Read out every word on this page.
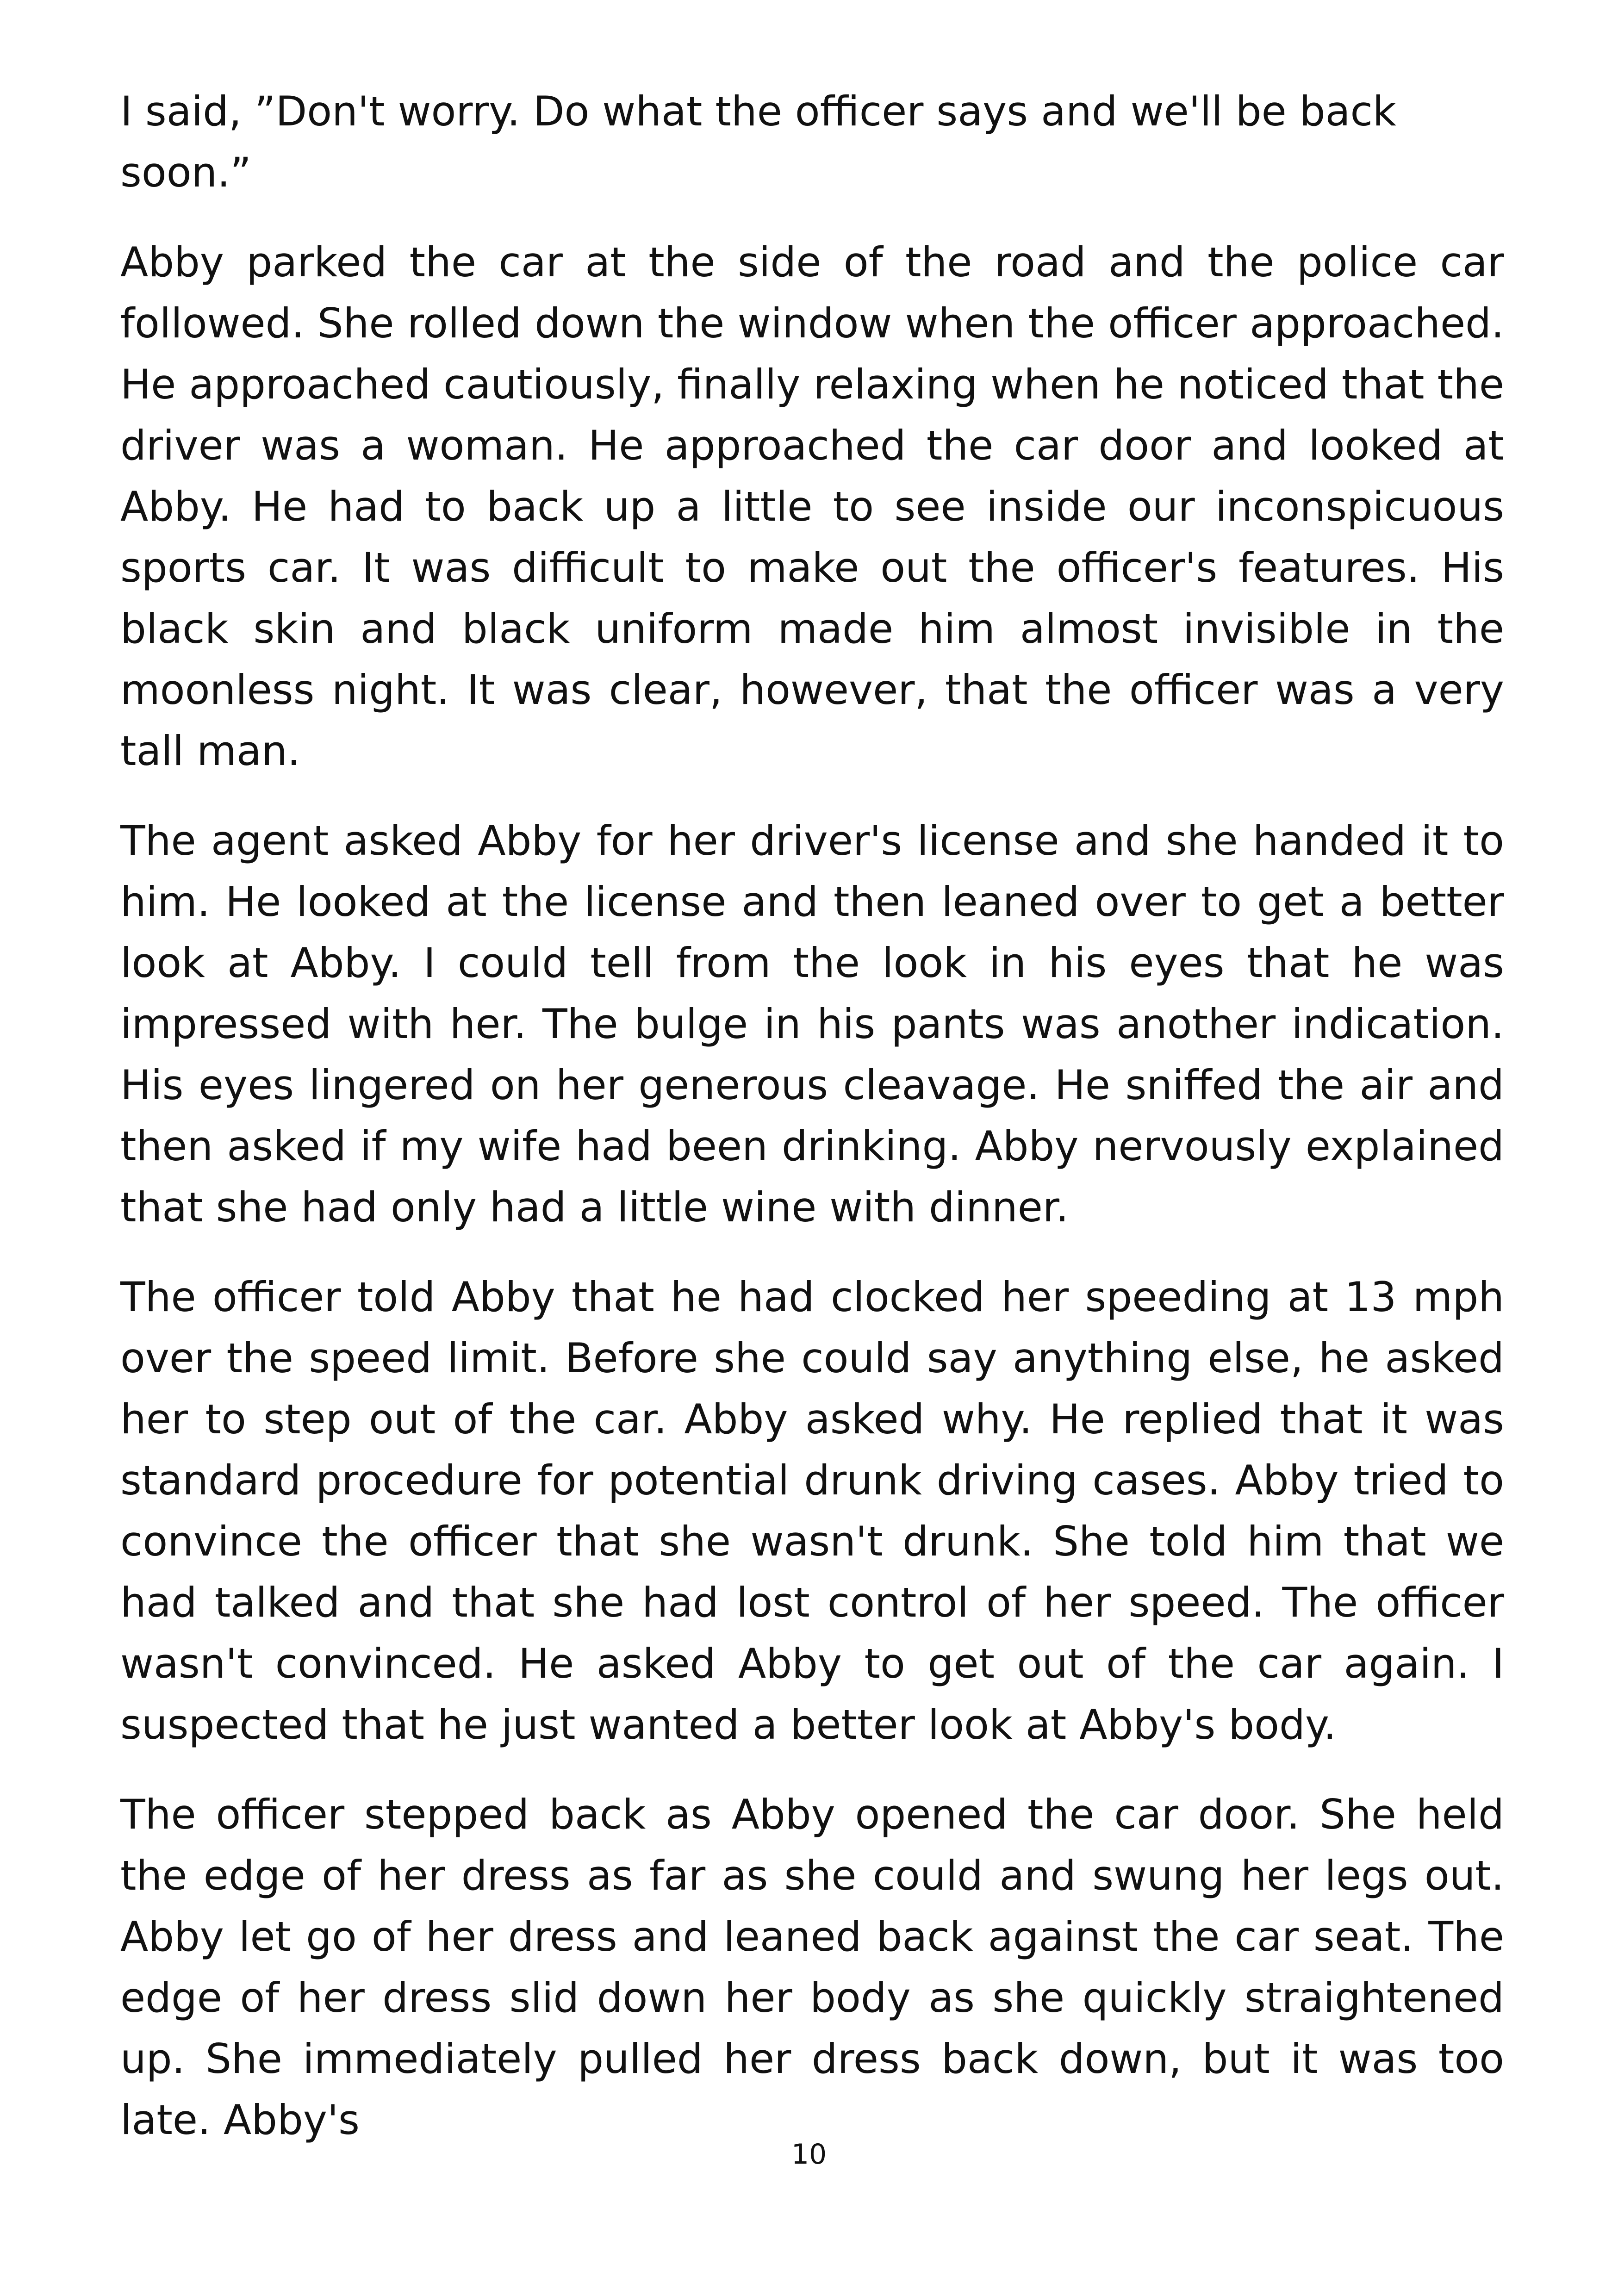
I said, ”Don't worry. Do what the officer says and we'll be back soon.”

Abby parked the car at the side of the road and the police car followed. She rolled down the window when the officer approached. He approached cautiously, finally relaxing when he noticed that the driver was a woman. He approached the car door and looked at Abby. He had to back up a little to see inside our inconspicuous sports car. It was difficult to make out the officer's features. His black skin and black uniform made him almost invisible in the moonless night. It was clear, however, that the officer was a very tall man.

The agent asked Abby for her driver's license and she handed it to him. He looked at the license and then leaned over to get a better look at Abby. I could tell from the look in his eyes that he was impressed with her. The bulge in his pants was another indication. His eyes lingered on her generous cleavage. He sniffed the air and then asked if my wife had been drinking. Abby nervously explained that she had only had a little wine with dinner.

The officer told Abby that he had clocked her speeding at 13 mph over the speed limit. Before she could say anything else, he asked her to step out of the car. Abby asked why. He replied that it was standard procedure for potential drunk driving cases. Abby tried to convince the officer that she wasn't drunk. She told him that we had talked and that she had lost control of her speed. The officer wasn't convinced. He asked Abby to get out of the car again. I suspected that he just wanted a better look at Abby's body.

The officer stepped back as Abby opened the car door. She held the edge of her dress as far as she could and swung her legs out. Abby let go of her dress and leaned back against the car seat. The edge of her dress slid down her body as she quickly straightened up. She immediately pulled her dress back down, but it was too late. Abby's

10
